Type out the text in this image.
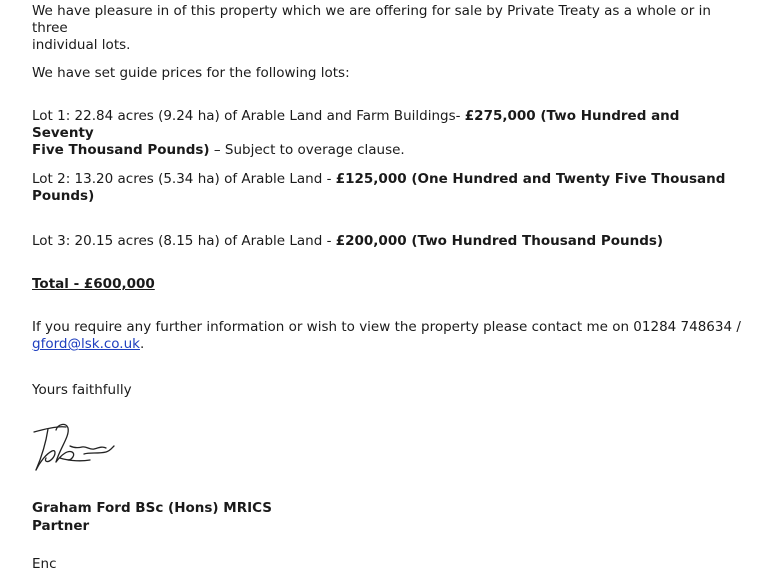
We have pleasure in of this property which we are offering for sale by Private Treaty as a whole or in three
individual lots.

We have set guide prices for the following lots:

Lot 1: 22.84 acres (9.24 ha) of Arable Land and Farm Buildings- £275,000 (Two Hundred and Seventy
Five Thousand Pounds) – Subject to overage clause.

Lot 2: 13.20 acres (5.34 ha) of Arable Land - £125,000 (One Hundred and Twenty Five Thousand
Pounds)

Lot 3: 20.15 acres (8.15 ha) of Arable Land - £200,000 (Two Hundred Thousand Pounds)

Total - £600,000

If you require any further information or wish to view the property please contact me on 01284 748634 /
gford@lsk.co.uk.

Yours faithfully

Graham Ford BSc (Hons) MRICS

Partner

Enc
